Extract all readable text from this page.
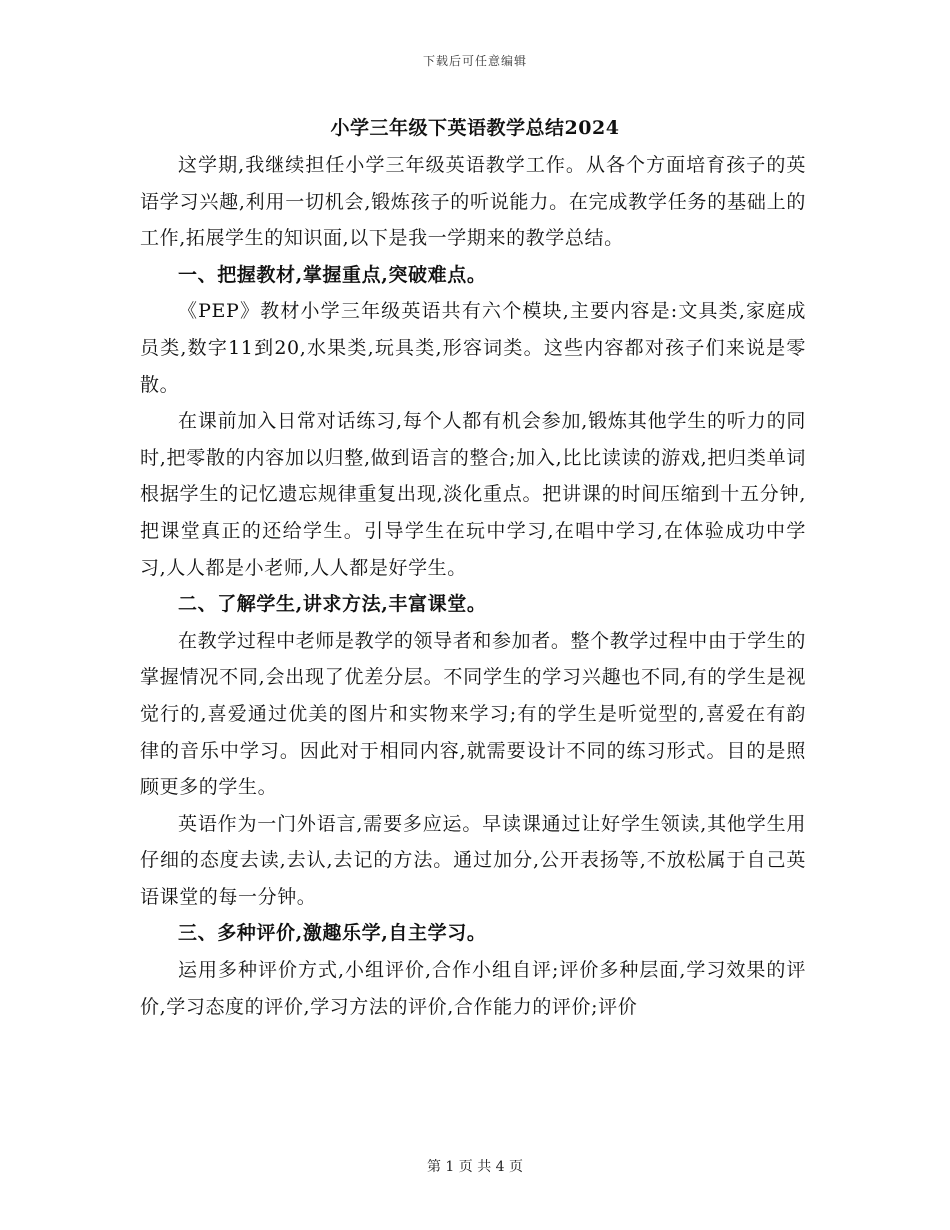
下载后可任意编辑
小学三年级下英语教学总结2024

这学期,我继续担任小学三年级英语教学工作。从各个方面培育孩子的英语学习兴趣,利用一切机会,锻炼孩子的听说能力。在完成教学任务的基础上的工作,拓展学生的知识面,以下是我一学期来的教学总结。

一、把握教材,掌握重点,突破难点。

《PEP》教材小学三年级英语共有六个模块,主要内容是:文具类,家庭成员类,数字11到20,水果类,玩具类,形容词类。这些内容都对孩子们来说是零散。

在课前加入日常对话练习,每个人都有机会参加,锻炼其他学生的听力的同时,把零散的内容加以归整,做到语言的整合;加入,比比读读的游戏,把归类单词根据学生的记忆遗忘规律重复出现,淡化重点。把讲课的时间压缩到十五分钟,把课堂真正的还给学生。引导学生在玩中学习,在唱中学习,在体验成功中学习,人人都是小老师,人人都是好学生。

二、了解学生,讲求方法,丰富课堂。

在教学过程中老师是教学的领导者和参加者。整个教学过程中由于学生的掌握情况不同,会出现了优差分层。不同学生的学习兴趣也不同,有的学生是视觉行的,喜爱通过优美的图片和实物来学习;有的学生是听觉型的,喜爱在有韵律的音乐中学习。因此对于相同内容,就需要设计不同的练习形式。目的是照顾更多的学生。

英语作为一门外语言,需要多应运。早读课通过让好学生领读,其他学生用仔细的态度去读,去认,去记的方法。通过加分,公开表扬等,不放松属于自己英语课堂的每一分钟。

三、多种评价,激趣乐学,自主学习。

运用多种评价方式,小组评价,合作小组自评;评价多种层面,学习效果的评价,学习态度的评价,学习方法的评价,合作能力的评价;评价

第 1 页 共 4 页
